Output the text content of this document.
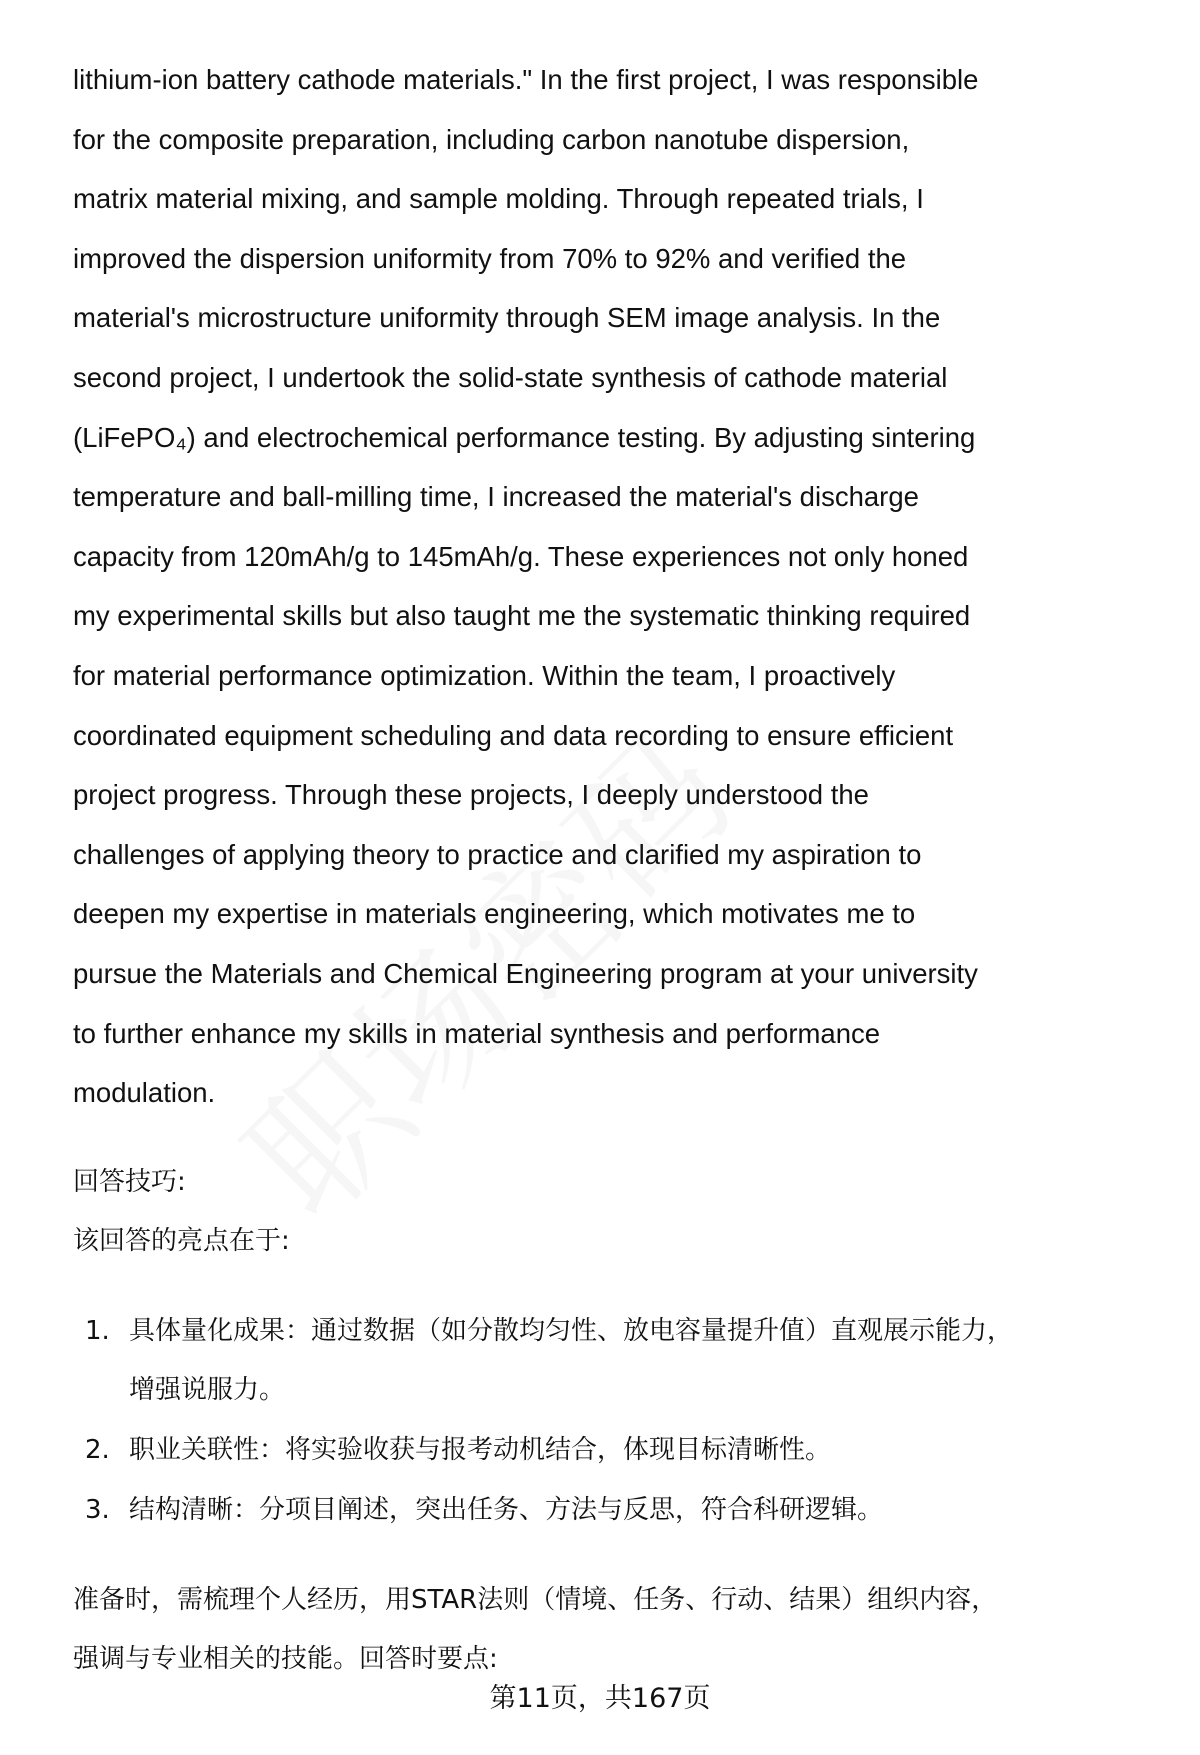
lithium-ion battery cathode materials." In the first project, I was responsible
for the composite preparation, including carbon nanotube dispersion,
matrix material mixing, and sample molding. Through repeated trials, I
improved the dispersion uniformity from 70% to 92% and verified the
material's microstructure uniformity through SEM image analysis. In the
second project, I undertook the solid-state synthesis of cathode material
(LiFePO₄) and electrochemical performance testing. By adjusting sintering
temperature and ball-milling time, I increased the material's discharge
capacity from 120mAh/g to 145mAh/g. These experiences not only honed
my experimental skills but also taught me the systematic thinking required
for material performance optimization. Within the team, I proactively
coordinated equipment scheduling and data recording to ensure efficient
project progress. Through these projects, I deeply understood the
challenges of applying theory to practice and clarified my aspiration to
deepen my expertise in materials engineering, which motivates me to
pursue the Materials and Chemical Engineering program at your university
to further enhance my skills in material synthesis and performance
modulation.
回答技巧:
该回答的亮点在于:
1. 具体量化成果：通过数据（如分散均匀性、放电容量提升值）直观展示能力，
增强说服力。
2. 职业关联性：将实验收获与报考动机结合，体现目标清晰性。
3. 结构清晰：分项目阐述，突出任务、方法与反思，符合科研逻辑。
准备时，需梳理个人经历，用STAR法则（情境、任务、行动、结果）组织内容，
强调与专业相关的技能。回答时要点:
第11页，共167页
